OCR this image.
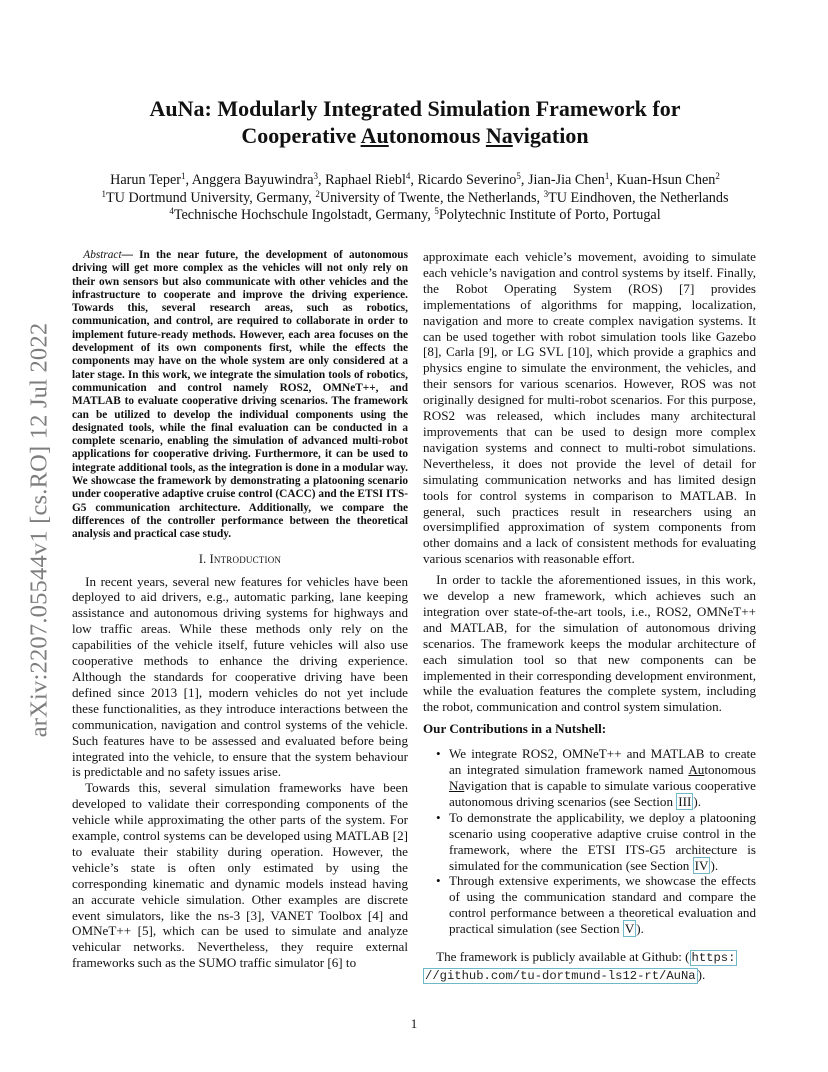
arXiv:2207.05544v1 [cs.RO] 12 Jul 2022
AuNa: Modularly Integrated Simulation Framework for
Cooperative Autonomous Navigation
Harun Teper$^1$, Anggera Bayuwindra$^3$, Raphael Riebl$^4$, Ricardo Severino$^5$, Jian-Jia Chen$^1$, Kuan-Hsun Chen$^2$
$^1$TU Dortmund University, Germany, $^2$University of Twente, the Netherlands, $^3$TU Eindhoven, the Netherlands
$^4$Technische Hochschule Ingolstadt, Germany, $^5$Polytechnic Institute of Porto, Portugal

Abstract— In the near future, the development of autonomous driving will get more complex as the vehicles will not only rely on their own sensors but also communicate with other vehicles and the infrastructure to cooperate and improve the driving experience. Towards this, several research areas, such as robotics, communication, and control, are required to collaborate in order to implement future-ready methods. However, each area focuses on the development of its own components first, while the effects the components may have on the whole system are only considered at a later stage. In this work, we integrate the simulation tools of robotics, communication and control namely ROS2, OMNeT++, and MATLAB to evaluate cooperative driving scenarios. The framework can be utilized to develop the individual components using the designated tools, while the final evaluation can be conducted in a complete scenario, enabling the simulation of advanced multi-robot applications for cooperative driving. Furthermore, it can be used to integrate additional tools, as the integration is done in a modular way. We showcase the framework by demonstrating a platooning scenario under cooperative adaptive cruise control (CACC) and the ETSI ITS-G5 communication architecture. Additionally, we compare the differences of the controller performance between the theoretical analysis and practical case study.

I. Introduction

In recent years, several new features for vehicles have been deployed to aid drivers, e.g., automatic parking, lane keeping assistance and autonomous driving systems for highways and low traffic areas. While these methods only rely on the capabilities of the vehicle itself, future vehicles will also use cooperative methods to enhance the driving experience. Although the standards for cooperative driving have been defined since 2013 [1], modern vehicles do not yet include these functionalities, as they introduce interactions between the communication, navigation and control systems of the vehicle. Such features have to be assessed and evaluated before being integrated into the vehicle, to ensure that the system behaviour is predictable and no safety issues arise.

Towards this, several simulation frameworks have been developed to validate their corresponding components of the vehicle while approximating the other parts of the system. For example, control systems can be developed using MATLAB [2] to evaluate their stability during operation. However, the vehicle’s state is often only estimated by using the corresponding kinematic and dynamic models instead having an accurate vehicle simulation. Other examples are discrete event simulators, like the ns-3 [3], VANET Toolbox [4] and OMNeT++ [5], which can be used to simulate and analyze vehicular networks. Nevertheless, they require external frameworks such as the SUMO traffic simulator [6] to

approximate each vehicle’s movement, avoiding to simulate each vehicle’s navigation and control systems by itself. Finally, the Robot Operating System (ROS) [7] provides implementations of algorithms for mapping, localization, navigation and more to create complex navigation systems. It can be used together with robot simulation tools like Gazebo [8], Carla [9], or LG SVL [10], which provide a graphics and physics engine to simulate the environment, the vehicles, and their sensors for various scenarios. However, ROS was not originally designed for multi-robot scenarios. For this purpose, ROS2 was released, which includes many architectural improvements that can be used to design more complex navigation systems and connect to multi-robot simulations. Nevertheless, it does not provide the level of detail for simulating communication networks and has limited design tools for control systems in comparison to MATLAB. In general, such practices result in researchers using an oversimplified approximation of system components from other domains and a lack of consistent methods for evaluating various scenarios with reasonable effort.

In order to tackle the aforementioned issues, in this work, we develop a new framework, which achieves such an integration over state-of-the-art tools, i.e., ROS2, OMNeT++ and MATLAB, for the simulation of autonomous driving scenarios. The framework keeps the modular architecture of each simulation tool so that new components can be implemented in their corresponding development environment, while the evaluation features the complete system, including the robot, communication and control system simulation.

Our Contributions in a Nutshell:
• We integrate ROS2, OMNeT++ and MATLAB to create an integrated simulation framework named Autonomous Navigation that is capable to simulate various cooperative autonomous driving scenarios (see Section III ).
• To demonstrate the applicability, we deploy a platooning scenario using cooperative adaptive cruise control in the framework, where the ETSI ITS-G5 architecture is simulated for the communication (see Section IV ).
• Through extensive experiments, we showcase the effects of using the communication standard and compare the control performance between a theoretical evaluation and practical simulation (see Section V ).

The framework is publicly available at Github: ( https:
//github.com/tu-dortmund-ls12-rt/AuNa ).

1
